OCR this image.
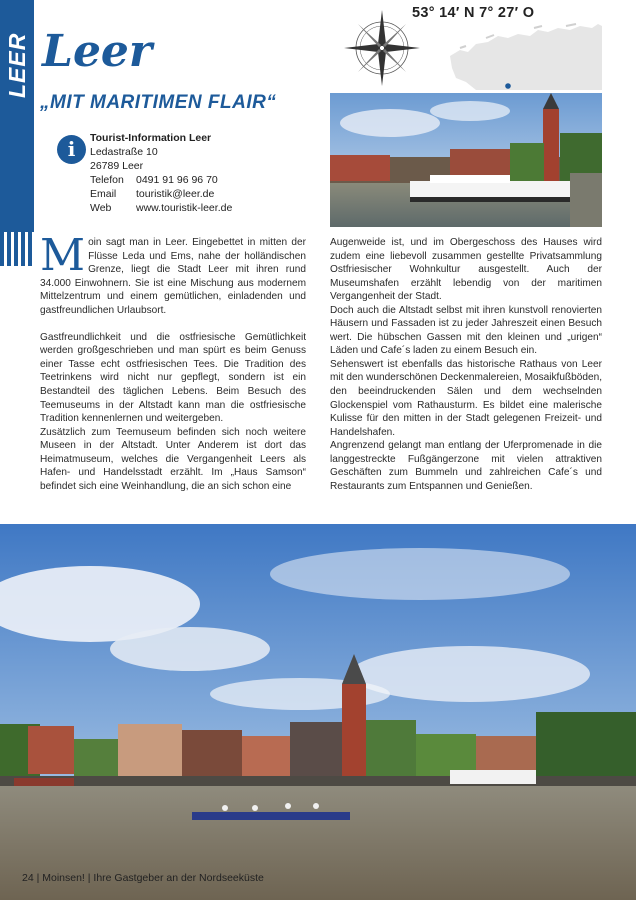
LEER Leer
53° 14′ N 7° 27′ O
„MIT MARITIMEN FLAIR“
i	Tourist-Information Leer
Ledastraße 10
26789 Leer
Telefon	0491 91 96 96 70
Email	touristik@leer.de
Web	www.touristik-leer.de
M oin sagt man in Leer. Eingebettet in mitten der Flüsse Leda und Ems, nahe der holländischen Grenze, liegt die Stadt Leer mit ihren rund 34.000 Einwohnern. Sie ist eine Mischung aus modernem Mittelzentrum und einem gemütlichen, einladenden und gastfreundlichen Urlaubsort.

Gastfreundlichkeit und die ostfriesische Gemütlichkeit werden großgeschrieben und man spürt es beim Genuss einer Tasse echt ostfriesischen Tees. Die Tradition des Teetrinkens wird nicht nur gepflegt, sondern ist ein Bestandteil des täglichen Lebens. Beim Besuch des Teemuseums in der Altstadt kann man die ostfriesische Tradition kennenlernen und weitergeben.

Zusätzlich zum Teemuseum befinden sich noch weitere Museen in der Altstadt. Unter Anderem ist dort das Heimatmuseum, welches die Vergangenheit Leers als Hafen- und Handelsstadt erzählt. Im „Haus Samson“ befindet sich eine Weinhandlung, die an sich schon eine

Augenweide ist, und im Obergeschoss des Hauses wird zudem eine liebevoll zusammen gestellte Privatsammlung Ostfriesischer Wohnkultur ausgestellt. Auch der Museumshafen erzählt lebendig von der maritimen Vergangenheit der Stadt.

Doch auch die Altstadt selbst mit ihren kunstvoll renovierten Häusern und Fassaden ist zu jeder Jahreszeit einen Besuch wert. Die hübschen Gassen mit den kleinen und „urigen“ Läden und Cafe´s laden zu einem Besuch ein.

Sehenswert ist ebenfalls das historische Rathaus von Leer mit den wunderschönen Deckenmalereien, Mosaikfußböden, den beeindruckenden Sälen und dem wechselnden Glockenspiel vom Rathausturm. Es bildet eine malerische Kulisse für den mitten in der Stadt gelegenen Freizeit- und Handelshafen.

Angrenzend gelangt man entlang der Uferpromenade in die langgestreckte Fußgängerzone mit vielen attraktiven Geschäften zum Bummeln und zahlreichen Cafe´s und Restaurants zum Entspannen und Genießen.

24 | Moinsen! | Ihre Gastgeber an der Nordseeküste
